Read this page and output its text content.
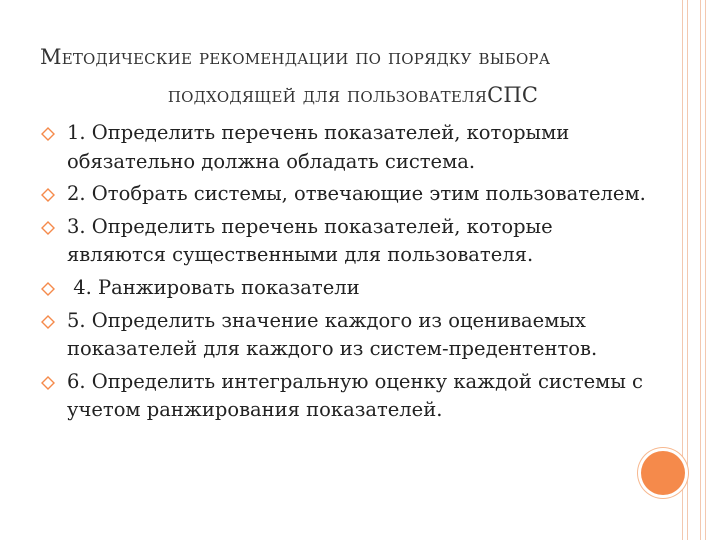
Методические рекомендации по порядку выбора

подходящей для пользователяСПС

1. Определить перечень показателей, которыми обязательно должна обладать система.
2. Отобрать системы, отвечающие этим пользователем.
3. Определить перечень показателей, которые являются существенными для пользователя.
4. Ранжировать показатели
5. Определить значение каждого из оцениваемых показателей для каждого из систем-предентентов.
6. Определить интегральную оценку каждой системы с учетом ранжирования показателей.
